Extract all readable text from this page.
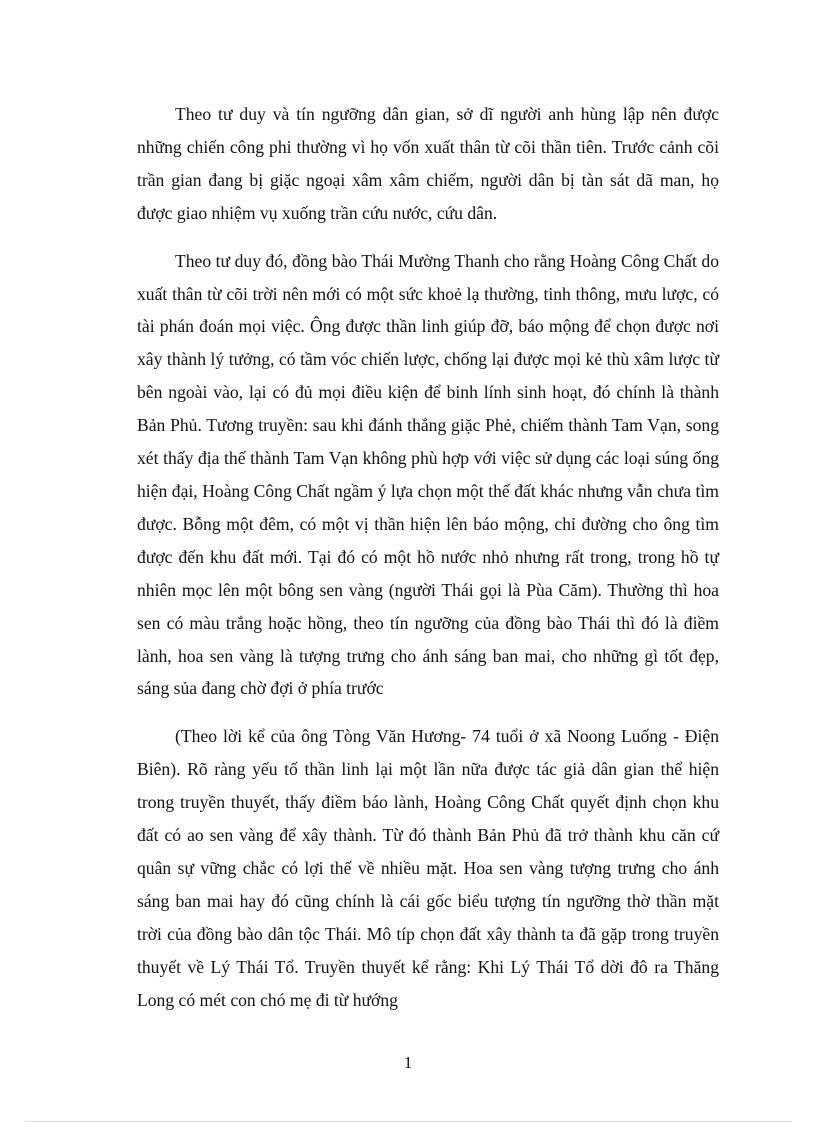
Theo tư duy và tín ngưỡng dân gian, sở dĩ người anh hùng lập nên được những chiến công phi thường vì họ vốn xuất thân từ cõi thần tiên. Trước cảnh cõi trần gian đang bị giặc ngoại xâm xâm chiếm, người dân bị tàn sát dã man, họ được giao nhiệm vụ xuống trần cứu nước, cứu dân.

Theo tư duy đó, đồng bào Thái Mường Thanh cho rằng Hoàng Công Chất do xuất thân từ cõi trời nên mới có một sức khoẻ lạ thường, tinh thông, mưu lược, có tài phán đoán mọi việc. Ông được thần linh giúp đỡ, báo mộng để chọn được nơi xây thành lý tưởng, có tầm vóc chiến lược, chống lại được mọi kẻ thù xâm lược từ bên ngoài vào, lại có đủ mọi điều kiện để binh lính sinh hoạt, đó chính là thành Bản Phủ. Tương truyền: sau khi đánh thắng giặc Phẻ, chiếm thành Tam Vạn, song xét thấy địa thế thành Tam Vạn không phù hợp với việc sử dụng các loại súng ống hiện đại, Hoàng Công Chất ngầm ý lựa chọn một thế đất khác nhưng vẫn chưa tìm được. Bỗng một đêm, có một vị thần hiện lên báo mộng, chỉ đường cho ông tìm được đến khu đất mới. Tại đó có một hồ nước nhỏ nhưng rất trong, trong hồ tự nhiên mọc lên một bông sen vàng (người Thái gọi là Pùa Căm). Thường thì hoa sen có màu trắng hoặc hồng, theo tín ngưỡng của đồng bào Thái thì đó là điềm lành, hoa sen vàng là tượng trưng cho ánh sáng ban mai, cho những gì tốt đẹp, sáng sủa đang chờ đợi ở phía trước

(Theo lời kể của ông Tòng Văn Hương- 74 tuổi ở xã Noong Luống - Điện Biên). Rõ ràng yếu tố thần linh lại một lần nữa được tác giả dân gian thể hiện trong truyền thuyết, thấy điềm báo lành, Hoàng Công Chất quyết định chọn khu đất có ao sen vàng để xây thành. Từ đó thành Bản Phủ đã trở thành khu căn cứ quân sự vững chắc có lợi thế về nhiều mặt. Hoa sen vàng tượng trưng cho ánh sáng ban mai hay đó cũng chính là cái gốc biểu tượng tín ngưỡng thờ thần mặt trời của đồng bào dân tộc Thái. Mô típ chọn đất xây thành ta đã gặp trong truyền thuyết về Lý Thái Tổ. Truyền thuyết kể rằng: Khi Lý Thái Tổ dời đô ra Thăng Long có mét con chó mẹ đi từ hướng

1
